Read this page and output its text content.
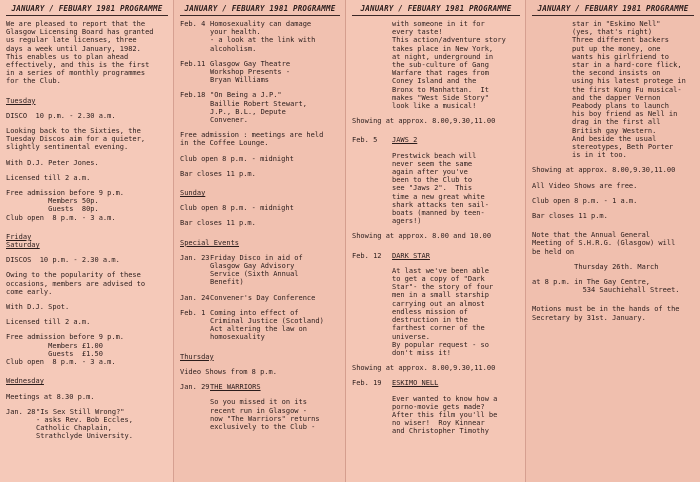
JANUARY / FEBUARY 1981 PROGRAMME

We are pleased to report that the
Glasgow Licensing Board has granted
us regular late licenses, three
days a week until January, 1982.
This enables us to plan ahead
effectively, and this is the first
in a series of monthly programmes
for the Club.

Tuesday

DISCO  10 p.m. - 2.30 a.m.

Looking back to the Sixties, the
Tuesday Discos aim for a quieter,
slightly sentimental evening.

With D.J. Peter Jones.

Licensed till 2 a.m.

Free admission before 9 p.m.
Members 50p.
Guests  80p.
Club open  8 p.m. - 3 a.m.

Friday

Saturday

DISCOS  10 p.m. - 2.30 a.m.

Owing to the popularity of these
occasions, members are advised to
come early.

With D.J. Spot.

Licensed till 2 a.m.

Free admission before 9 p.m.
Members £1.00
Guests  £1.50
Club open  8 p.m. - 3 a.m.

Wednesday

Meetings at 8.30 p.m.

Jan. 28 "Is Sex Still Wrong?"
- asks Rev. Bob Eccles,
Catholic Chaplain,
Strathclyde University.
JANUARY / FEBUARY 1981 PROGRAMME
Feb. 4 Homosexuality can damage
your health.
- a look at the link with
alcoholism.
Feb.11 Glasgow Gay Theatre
Workshop Presents -
Bryan Williams
Feb.18 "On Being a J.P."
Baillie Robert Stewart,
J.P., B.L., Depute
Convener.

Free admission : meetings are held
in the Coffee Lounge.

Club open 8 p.m. - midnight

Bar closes 11 p.m.

Sunday

Club open 8 p.m. - midnight

Bar closes 11 p.m.

Special Events

Jan. 23 Friday Disco in aid of
Glasgow Gay Advisory
Service (Sixth Annual
Benefit)
Jan. 24 Convener's Day Conference
Feb. 1 Coming into effect of
Criminal Justice (Scotland)
Act altering the law on
homosexuality

Thursday

Video Shows from 8 p.m.

Jan. 29 THE WARRIORS
So you missed it on its
recent run in Glasgow -
now "The Warriors" returns
exclusively to the Club -
JANUARY / FEBUARY 1981 PROGRAMME
with someone in it for
every taste!
This action/adventure story
takes place in New York,
at night, underground in
the sub-culture of Gang
Warfare that rages from
Coney Island and the
Bronx to Manhattan.  It
makes "West Side Story"
look like a musical!

Showing at approx. 8.00,9.30,11.00

Feb. 5	JAWS 2
Prestwick beach will
never seem the same
again after you've
been to the Club to
see "Jaws 2".  This
time a new great white
shark attacks ten sail-
boats (manned by teen-
agers!)

Showing at approx. 8.00 and 10.00

Feb. 12	DARK STAR
At last we've been able
to get a copy of "Dark
Star"- the story of four
men in a small starship
carrying out an almost
endless mission of
destruction in the
farthest corner of the
universe.
By popular request - so
don't miss it!

Showing at approx. 8.00,9.30,11.00

Feb. 19	ESKIMO NELL
Ever wanted to know how a
porno-movie gets made?
After this film you'll be
no wiser!  Roy Kinnear
and Christopher Timothy
JANUARY / FEBUARY 1981 PROGRAMME
star in "Eskimo Nell"
(yes, that's right)
Three different backers
put up the money, one
wants his girlfriend to
star in a hard-core flick,
the second insists on
using his latest protege in
the first Kung Fu musical-
and the dapper Vernon
Peabody plans to launch
his boy friend as Nell in
drag in the first all
British gay Western.
And beside the usual
stereotypes, Beth Porter
is in it too.

Showing at approx. 8.00,9.30,11.00

All Video Shows are free.

Club open 8 p.m. - 1 a.m.

Bar closes 11 p.m.

Note that the Annual General
Meeting of S.H.R.G. (Glasgow) will
be held on

Thursday 26th. March

at 8 p.m. in The Gay Centre,
534 Sauchiehall Street.

Motions must be in the hands of the
Secretary by 31st. January.
